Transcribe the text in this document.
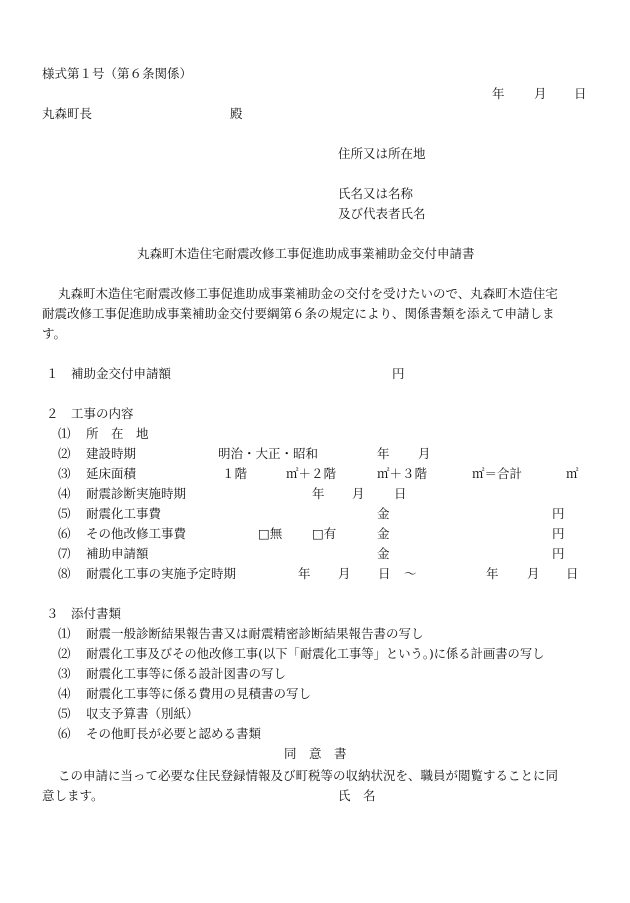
様式第１号（第６条関係）
年 月 日
丸森町長	殿
住所又は所在地
氏名又は名称
及び代表者氏名
丸森町木造住宅耐震改修工事促進助成事業補助金交付申請書
丸森町木造住宅耐震改修工事促進助成事業補助金の交付を受けたいので、丸森町木造住宅
耐震改修工事促進助成事業補助金交付要綱第６条の規定により、関係書類を添えて申請しま
す。
１　補助金交付申請額	円
２　工事の内容
⑴ 所　在　地
⑵ 建設時期	明治・大正・昭和	年 月
⑶ 延床面積	１階	㎡＋２階	㎡＋３階	㎡＝合計	㎡
⑷ 耐震診断実施時期	年 月 日
⑸ 耐震化工事費	金	円
⑹ その他改修工事費	□無 □有	金	円
⑺ 補助申請額	金	円
⑻ 耐震化工事の実施予定時期	年 月 日 ～	年 月 日
３　添付書類
⑴ 耐震一般診断結果報告書又は耐震精密診断結果報告書の写し
⑵ 耐震化工事及びその他改修工事(以下「耐震化工事等」という。)に係る計画書の写し
⑶ 耐震化工事等に係る設計図書の写し
⑷ 耐震化工事等に係る費用の見積書の写し
⑸ 収支予算書（別紙）
⑹ その他町長が必要と認める書類
同　意　書
この申請に当って必要な住民登録情報及び町税等の収納状況を、職員が閲覧することに同
意します。	氏　名
